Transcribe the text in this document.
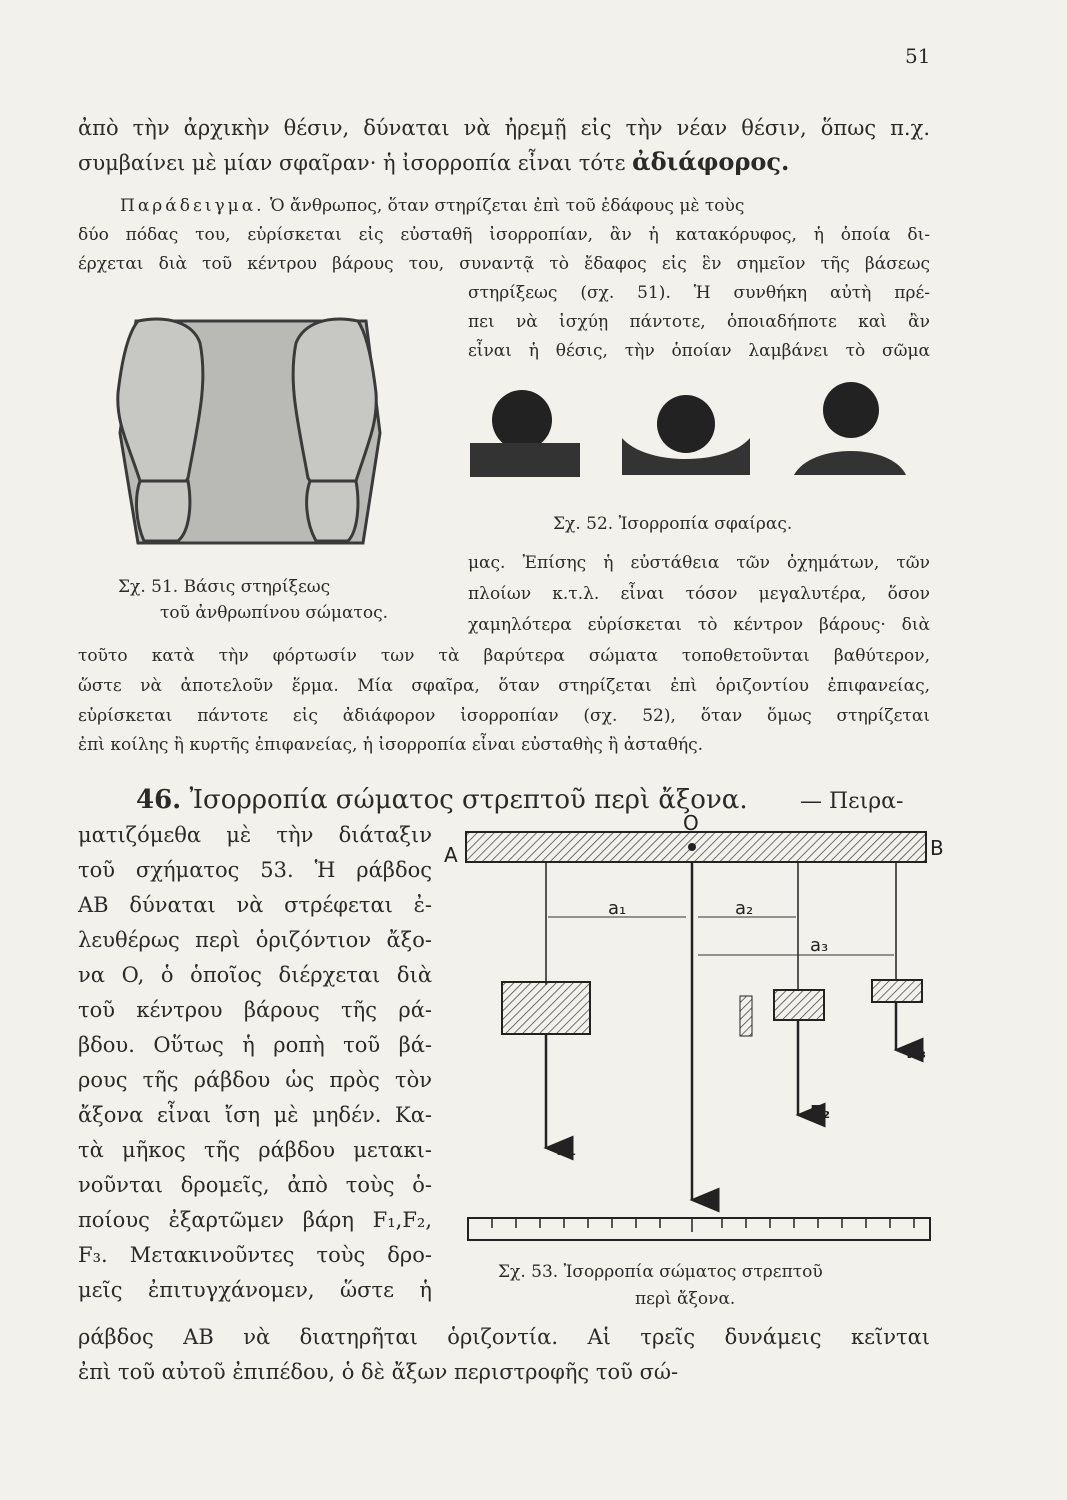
51
ἀπὸ τὴν ἀρχικὴν θέσιν, δύναται νὰ ἠρεμῇ εἰς τὴν νέαν θέσιν, ὅπως π.χ.
συμβαίνει μὲ μίαν σφαῖραν· ἡ ἰσορροπία εἶναι τότε ἀδιάφορος.
Παράδειγμα. Ὁ ἄνθρωπος, ὅταν στηρίζεται ἐπὶ τοῦ ἐδάφους μὲ τοὺς
δύο πόδας του, εὑρίσκεται εἰς εὐσταθῆ ἰσορροπίαν, ἂν ἡ κατακόρυφος, ἡ ὁποία δι-
έρχεται διὰ τοῦ κέντρου βάρους του, συναντᾷ τὸ ἔδαφος εἰς ἓν σημεῖον τῆς βάσεως
στηρίξεως (σχ. 51). Ἡ συνθήκη αὐτὴ πρέ-
πει νὰ ἰσχύῃ πάντοτε, ὁποιαδήποτε καὶ ἂν
εἶναι ἡ θέσις, τὴν ὁποίαν λαμβάνει τὸ σῶμα
μας. Ἐπίσης ἡ εὐστάθεια τῶν ὀχημάτων, τῶν
πλοίων κ.τ.λ. εἶναι τόσον μεγαλυτέρα, ὅσον
χαμηλότερα εὑρίσκεται τὸ κέντρον βάρους· διὰ
τοῦτο κατὰ τὴν φόρτωσίν των τὰ βαρύτερα σώματα τοποθετοῦνται βαθύτερον,
ὥστε νὰ ἀποτελοῦν ἕρμα. Μία σφαῖρα, ὅταν στηρίζεται ἐπὶ ὁριζοντίου ἐπιφανείας,
εὑρίσκεται πάντοτε εἰς ἀδιάφορον ἰσορροπίαν (σχ. 52), ὅταν ὅμως στηρίζεται
ἐπὶ κοίλης ἢ κυρτῆς ἐπιφανείας, ἡ ἰσορροπία εἶναι εὐσταθὴς ἢ ἀσταθής.
Σχ. 51. Βάσις στηρίξεως
τοῦ ἀνθρωπίνου σώματος.
Σχ. 52. Ἰσορροπία σφαίρας.
46. Ἰσορροπία σώματος στρεπτοῦ περὶ ἄξονα. — Πειρα-
ματιζόμεθα μὲ τὴν διάταξιν
τοῦ σχήματος 53. Ἡ ράβδος
AB δύναται νὰ στρέφεται ἐ-
λευθέρως περὶ ὁριζόντιον ἄξο-
να O, ὁ ὁποῖος διέρχεται διὰ
τοῦ κέντρου βάρους τῆς ρά-
βδου. Οὕτως ἡ ροπὴ τοῦ βά-
ρους τῆς ράβδου ὡς πρὸς τὸν
ἄξονα εἶναι ἴση μὲ μηδέν. Κα-
τὰ μῆκος τῆς ράβδου μετακι-
νοῦνται δρομεῖς, ἀπὸ τοὺς ὁ-
ποίους ἐξαρτῶμεν βάρη F₁,F₂,
F₃. Μετακινοῦντες τοὺς δρο-
μεῖς ἐπιτυγχάνομεν, ὥστε ἡ
ράβδος AB νὰ διατηρῆται ὁριζοντία. Αἱ τρεῖς δυνάμεις κεῖνται
ἐπὶ τοῦ αὐτοῦ ἐπιπέδου, ὁ δὲ ἄξων περιστροφῆς τοῦ σώ-
A	B
O
a₁	a₂
a₃
F₁
F₂
F₃
Σχ. 53. Ἰσορροπία σώματος στρεπτοῦ
περὶ ἄξονα.
